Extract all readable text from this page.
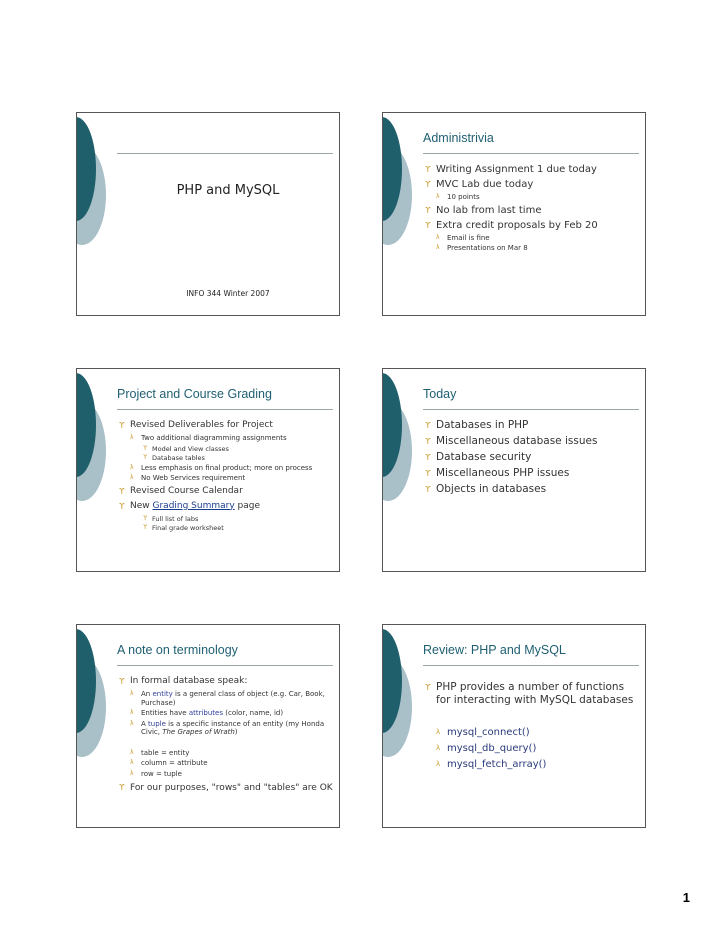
PHP and MySQL
INFO 344 Winter 2007
Administrivia
ϒ Writing Assignment 1 due today
ϒ MVC Lab due today
λ 10 points
ϒ No lab from last time
ϒ Extra credit proposals by Feb 20
λ Email is fine
λ Presentations on Mar 8
Project and Course Grading
ϒ Revised Deliverables for Project
λ Two additional diagramming assignments
ϒ Model and View classes
ϒ Database tables
λ Less emphasis on final product; more on process
λ No Web Services requirement
ϒ Revised Course Calendar
ϒ New Grading Summary page
ϒ Full list of labs
ϒ Final grade worksheet
Today
ϒ Databases in PHP
ϒ Miscellaneous database issues
ϒ Database security
ϒ Miscellaneous PHP issues
ϒ Objects in databases
A note on terminology
ϒ In formal database speak:
λ An entity is a general class of object (e.g. Car, Book, Purchase)
λ Entities have attributes (color, name, id)
λ A tuple is a specific instance of an entity (my Honda Civic, The Grapes of Wrath)
λ table = entity
λ column = attribute
λ row = tuple
ϒ For our purposes, "rows" and "tables" are OK
Review: PHP and MySQL
ϒ PHP provides a number of functions for interacting with MySQL databases
λ mysql_connect()
λ mysql_db_query()
λ mysql_fetch_array()
1
